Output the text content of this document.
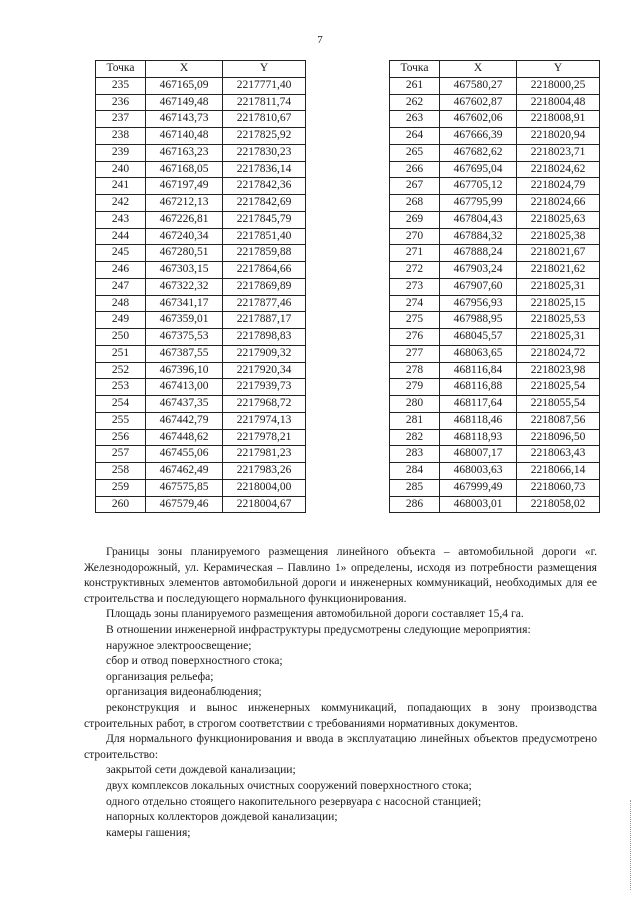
7
Точка	X	Y
235	467165,09	2217771,40
236	467149,48	2217811,74
237	467143,73	2217810,67
238	467140,48	2217825,92
239	467163,23	2217830,23
240	467168,05	2217836,14
241	467197,49	2217842,36
242	467212,13	2217842,69
243	467226,81	2217845,79
244	467240,34	2217851,40
245	467280,51	2217859,88
246	467303,15	2217864,66
247	467322,32	2217869,89
248	467341,17	2217877,46
249	467359,01	2217887,17
250	467375,53	2217898,83
251	467387,55	2217909,32
252	467396,10	2217920,34
253	467413,00	2217939,73
254	467437,35	2217968,72
255	467442,79	2217974,13
256	467448,62	2217978,21
257	467455,06	2217981,23
258	467462,49	2217983,26
259	467575,85	2218004,00
260	467579,46	2218004,67
Точка	X	Y
261	467580,27	2218000,25
262	467602,87	2218004,48
263	467602,06	2218008,91
264	467666,39	2218020,94
265	467682,62	2218023,71
266	467695,04	2218024,62
267	467705,12	2218024,79
268	467795,99	2218024,66
269	467804,43	2218025,63
270	467884,32	2218025,38
271	467888,24	2218021,67
272	467903,24	2218021,62
273	467907,60	2218025,31
274	467956,93	2218025,15
275	467988,95	2218025,53
276	468045,57	2218025,31
277	468063,65	2218024,72
278	468116,84	2218023,98
279	468116,88	2218025,54
280	468117,64	2218055,54
281	468118,46	2218087,56
282	468118,93	2218096,50
283	468007,17	2218063,43
284	468003,63	2218066,14
285	467999,49	2218060,73
286	468003,01	2218058,02

Границы зоны планируемого размещения линейного объекта – автомобильной дороги «г. Железнодорожный, ул. Керамическая – Павлино 1» определены, исходя из потребности размещения конструктивных элементов автомобильной дороги и инженерных коммуникаций, необходимых для ее строительства и последующего нормального функционирования.

Площадь зоны планируемого размещения автомобильной дороги составляет 15,4 га.

В отношении инженерной инфраструктуры предусмотрены следующие мероприятия:

наружное электроосвещение;

сбор и отвод поверхностного стока;

организация рельефа;

организация видеонаблюдения;

реконструкция и вынос инженерных коммуникаций, попадающих в зону производства строительных работ, в строгом соответствии с требованиями нормативных документов.

Для нормального функционирования и ввода в эксплуатацию линейных объектов предусмотрено строительство:

закрытой сети дождевой канализации;

двух комплексов локальных очистных сооружений поверхностного стока;

одного отдельно стоящего накопительного резервуара с насосной станцией;

напорных коллекторов дождевой канализации;

камеры гашения;
